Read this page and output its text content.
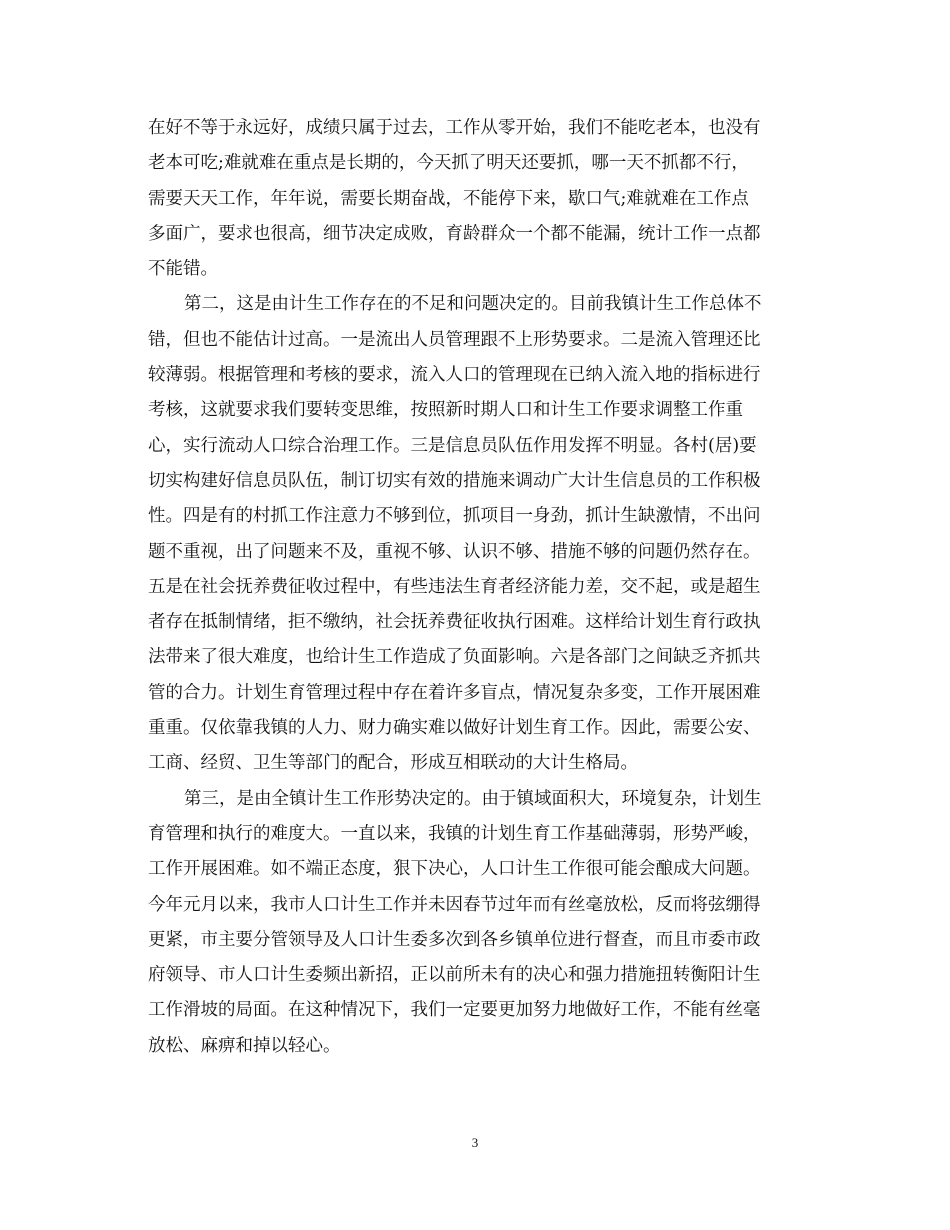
在好不等于永远好，成绩只属于过去，工作从零开始，我们不能吃老本，也没有
老本可吃;难就难在重点是长期的，今天抓了明天还要抓，哪一天不抓都不行，
需要天天工作，年年说，需要长期奋战，不能停下来，歇口气;难就难在工作点
多面广，要求也很高，细节决定成败，育龄群众一个都不能漏，统计工作一点都
不能错。
第二，这是由计生工作存在的不足和问题决定的。目前我镇计生工作总体不
错，但也不能估计过高。一是流出人员管理跟不上形势要求。二是流入管理还比
较薄弱。根据管理和考核的要求，流入人口的管理现在已纳入流入地的指标进行
考核，这就要求我们要转变思维，按照新时期人口和计生工作要求调整工作重
心，实行流动人口综合治理工作。三是信息员队伍作用发挥不明显。各村(居)要
切实构建好信息员队伍，制订切实有效的措施来调动广大计生信息员的工作积极
性。四是有的村抓工作注意力不够到位，抓项目一身劲，抓计生缺激情，不出问
题不重视，出了问题来不及，重视不够、认识不够、措施不够的问题仍然存在。
五是在社会抚养费征收过程中，有些违法生育者经济能力差，交不起，或是超生
者存在抵制情绪，拒不缴纳，社会抚养费征收执行困难。这样给计划生育行政执
法带来了很大难度，也给计生工作造成了负面影响。六是各部门之间缺乏齐抓共
管的合力。计划生育管理过程中存在着许多盲点，情况复杂多变，工作开展困难
重重。仅依靠我镇的人力、财力确实难以做好计划生育工作。因此，需要公安、
工商、经贸、卫生等部门的配合，形成互相联动的大计生格局。
第三，是由全镇计生工作形势决定的。由于镇域面积大，环境复杂，计划生
育管理和执行的难度大。一直以来，我镇的计划生育工作基础薄弱，形势严峻，
工作开展困难。如不端正态度，狠下决心，人口计生工作很可能会酿成大问题。
今年元月以来，我市人口计生工作并未因春节过年而有丝毫放松，反而将弦绷得
更紧，市主要分管领导及人口计生委多次到各乡镇单位进行督查，而且市委市政
府领导、市人口计生委频出新招，正以前所未有的决心和强力措施扭转衡阳计生
工作滑坡的局面。在这种情况下，我们一定要更加努力地做好工作，不能有丝毫
放松、麻痹和掉以轻心。
3
